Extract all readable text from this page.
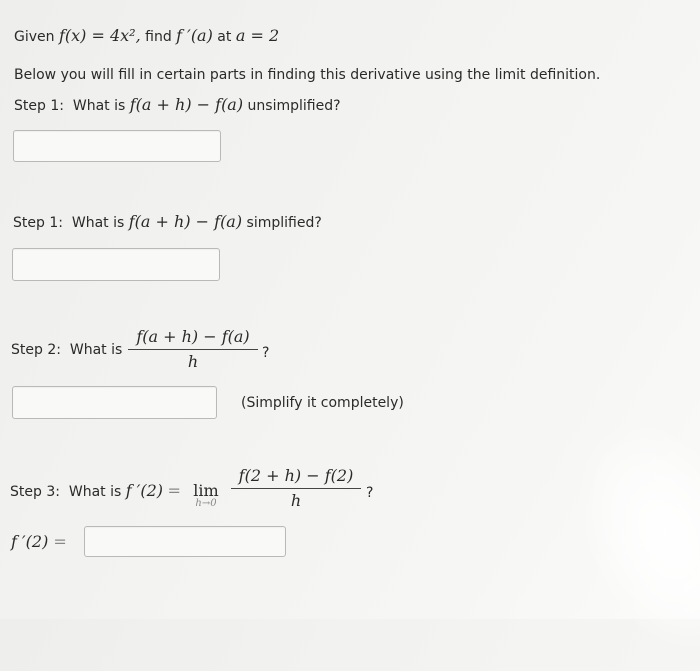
Given f(x) = 4x², find f ′(a) at a = 2
Below you will fill in certain parts in finding this derivative using the limit definition.
Step 1: What is f(a + h) − f(a) unsimplified?
Step 1: What is f(a + h) − f(a) simplified?
Step 2: What is
f(a + h) − f(a)
h	?
(Simplify it completely)
Step 3: What is f ′(2) = lim
h→0
f(2 + h) − f(2)
h	?
f ′(2) =
